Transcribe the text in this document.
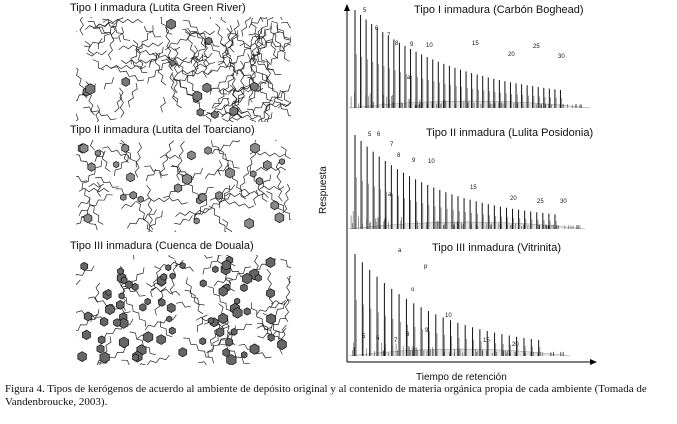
Tipo I inmadura (Lutita Green River)
Tipo II inmadura (Lutita del Toarciano)
Tipo III inmadura (Cuenca de Douala)
5
6
7
8 9 10	15
20
25
30
a
5 6
7
8
9 10
15
20	25	30
a
a
p
o
5 6 7
8
9
10
15
20
Tipo I inmadura (Carbón Boghead)
Tipo II inmadura (Lulita Posidonia)
Tipo III inmadura (Vitrinita)
Respuesta
Tiempo de retención
Figura 4. Tipos de kerógenos de acuerdo al ambiente de depósito original y al contenido de materia orgánica propia de cada ambiente (Tomada de Vandenbroucke, 2003).
